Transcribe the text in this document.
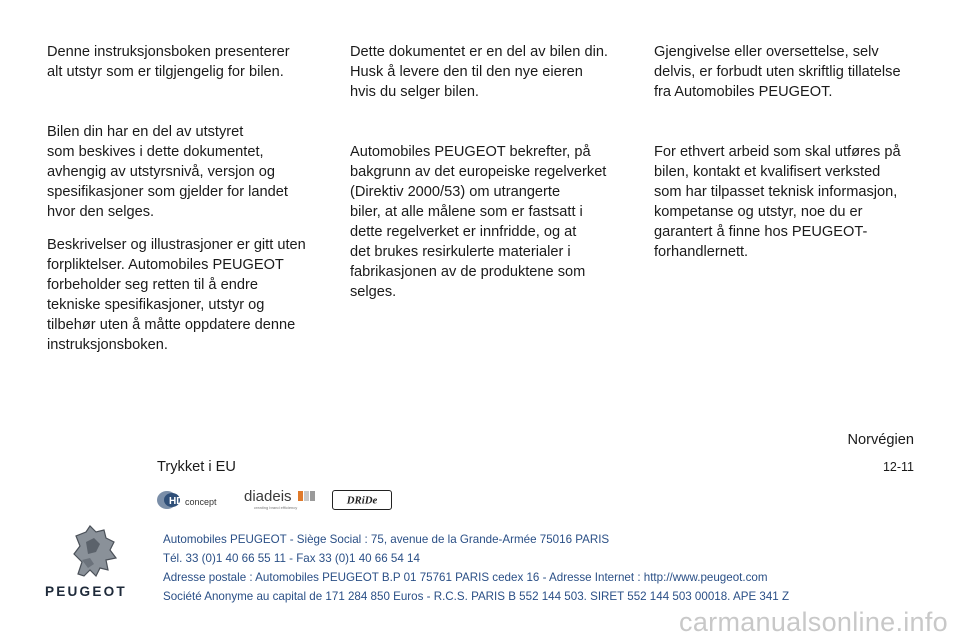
Denne instruksjonsboken presenterer
alt utstyr som er tilgjengelig for bilen.

Bilen din har en del av utstyret
som beskives i dette dokumentet,
avhengig av utstyrsnivå, versjon og
spesifikasjoner som gjelder for landet
hvor den selges.

Beskrivelser og illustrasjoner er gitt uten
forpliktelser. Automobiles PEUGEOT
forbeholder seg retten til å endre
tekniske spesifikasjoner, utstyr og
tilbehør uten å måtte oppdatere denne
instruksjonsboken.

Dette dokumentet er en del av bilen din.
Husk å levere den til den nye eieren
hvis du selger bilen.

Automobiles PEUGEOT bekrefter, på
bakgrunn av det europeiske regelverket
(Direktiv 2000/53) om utrangerte
biler, at alle målene som er fastsatt i
dette regelverket er innfridde, og at
det brukes resirkulerte materialer i
fabrikasjonen av de produktene som
selges.

Gjengivelse eller oversettelse, selv
delvis, er forbudt uten skriftlig tillatelse
fra Automobiles PEUGEOT.

For ethvert arbeid som skal utføres på
bilen, kontakt et kvalifisert verksted
som har tilpasset teknisk informasjon,
kompetanse og utstyr, noe du er
garantert å finne hos PEUGEOT-
forhandlernett.

Norvégien
Trykket i EU	12-11
HD concept diadeis
creating brand efficiency
DRiDe
PEUGEOT
Automobiles PEUGEOT - Siège Social : 75, avenue de la Grande-Armée 75016 PARIS
Tél. 33 (0)1 40 66 55 11 - Fax 33 (0)1 40 66 54 14
Adresse postale : Automobiles PEUGEOT B.P 01 75761 PARIS cedex 16 - Adresse Internet : http://www.peugeot.com
Société Anonyme au capital de 171 284 850 Euros - R.C.S. PARIS B 552 144 503. SIRET 552 144 503 00018. APE 341 Z
carmanualsonline.info
